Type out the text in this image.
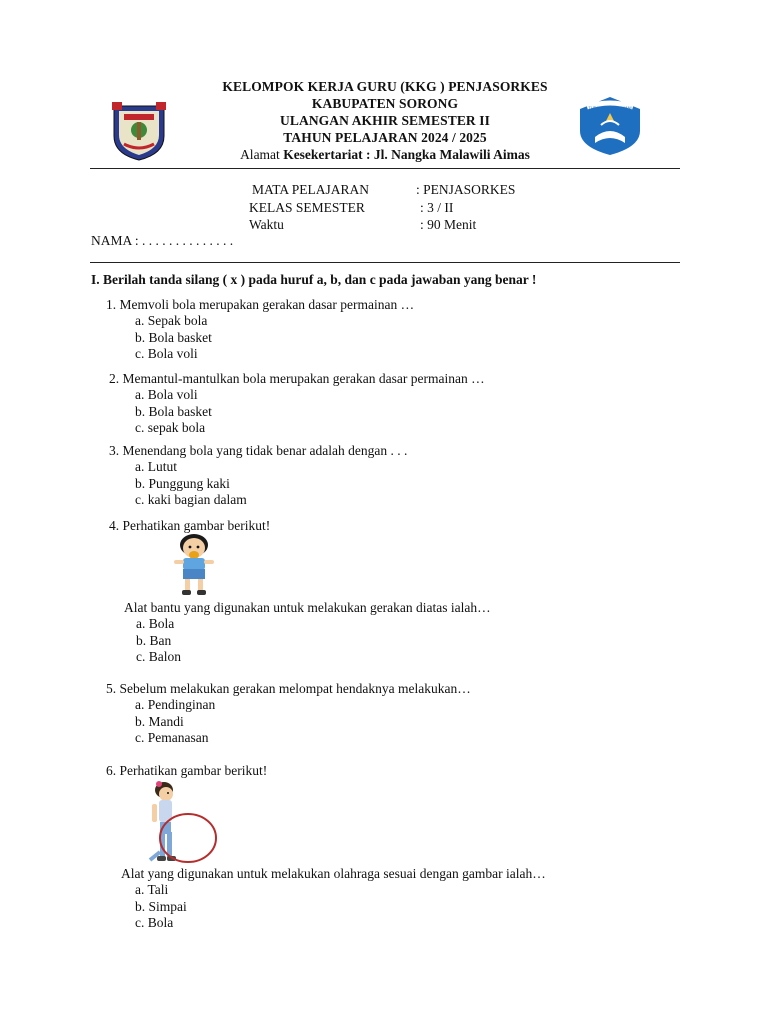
TUT WURI HANDAYANI
KELOMPOK KERJA GURU (KKG ) PENJASORKES
KABUPATEN SORONG
ULANGAN AKHIR SEMESTER II
TAHUN PELAJARAN 2024 / 2025
Alamat Kesekertariat : Jl. Nangka Malawili Aimas
MATA PELAJARAN	: PENJASORKES
KELAS SEMESTER	: 3 / II
Waktu	: 90 Menit
NAMA : . . . . . . . . . . . . . .
I. Berilah tanda silang ( x ) pada huruf a, b, dan c pada jawaban yang benar !
1. Memvoli bola merupakan gerakan dasar permainan …
a. Sepak bola
b. Bola basket
c. Bola voli
2. Memantul-mantulkan bola merupakan gerakan dasar permainan …
a. Bola voli
b. Bola basket
c. sepak bola
3. Menendang bola yang tidak benar adalah dengan . . .
a. Lutut
b. Punggung kaki
c. kaki bagian dalam
4. Perhatikan gambar berikut!
Alat bantu yang digunakan untuk melakukan gerakan diatas ialah…
a. Bola
b. Ban
c. Balon
5. Sebelum melakukan gerakan melompat hendaknya melakukan…
a. Pendinginan
b. Mandi
c. Pemanasan
6. Perhatikan gambar berikut!
Alat yang digunakan untuk melakukan olahraga sesuai dengan gambar ialah…
a. Tali
b. Simpai
c. Bola
